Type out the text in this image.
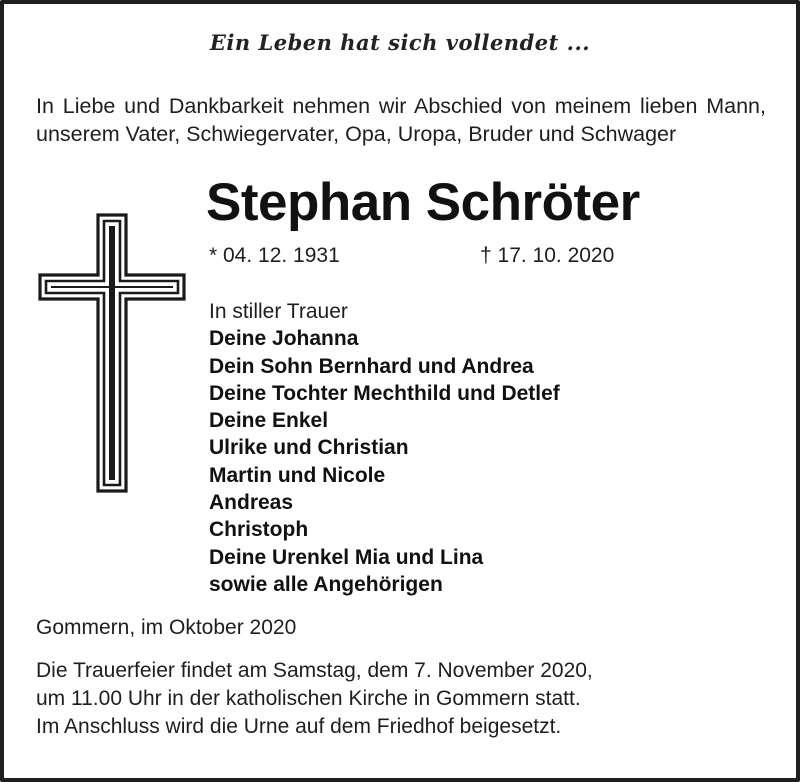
Ein Leben hat sich vollendet ...
In Liebe und Dankbarkeit nehmen wir Abschied von meinem lieben Mann, unserem Vater, Schwiegervater, Opa, Uropa, Bruder und Schwager
Stephan Schröter
* 04. 12. 1931	† 17. 10. 2020
In stiller Trauer
Deine Johanna
Dein Sohn Bernhard und Andrea
Deine Tochter Mechthild und Detlef
Deine Enkel
Ulrike und Christian
Martin und Nicole
Andreas
Christoph
Deine Urenkel Mia und Lina
sowie alle Angehörigen
Gommern, im Oktober 2020
Die Trauerfeier findet am Samstag, dem 7. November 2020,
um 11.00 Uhr in der katholischen Kirche in Gommern statt.
Im Anschluss wird die Urne auf dem Friedhof beigesetzt.
